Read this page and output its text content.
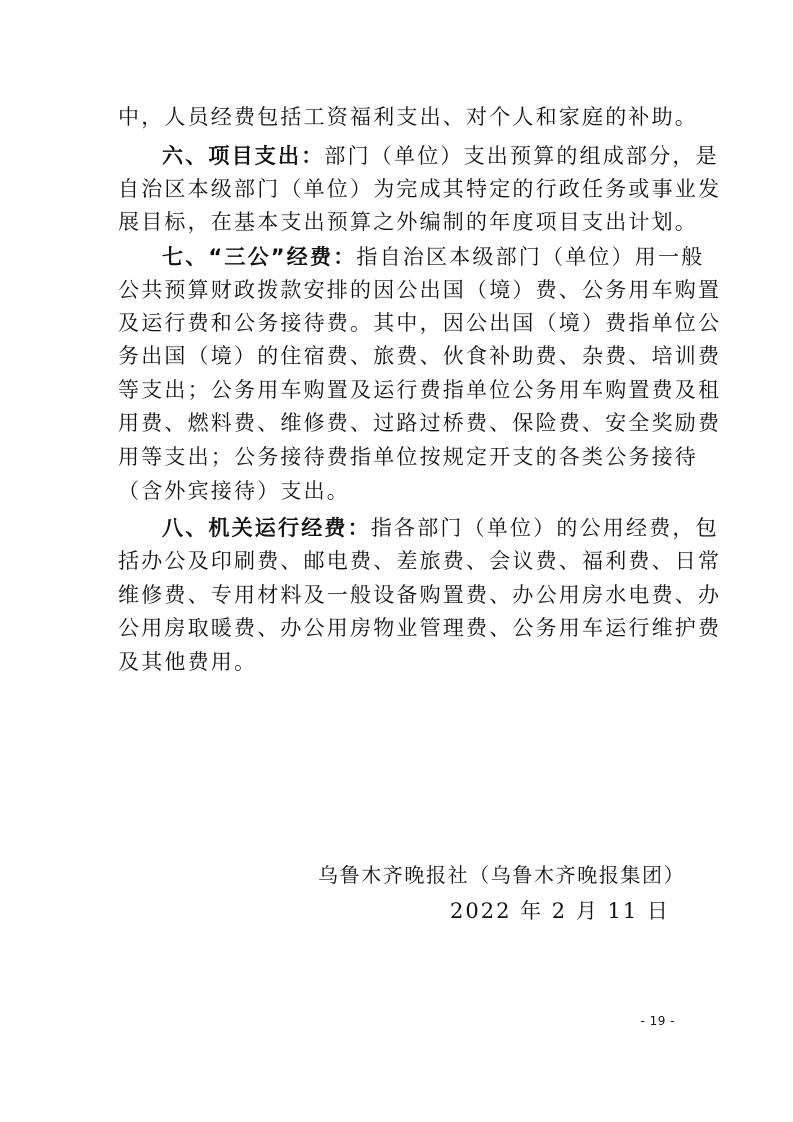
中，人员经费包括工资福利支出、对个人和家庭的补助。
六、项目支出：部门（单位）支出预算的组成部分，是
自治区本级部门（单位）为完成其特定的行政任务或事业发
展目标，在基本支出预算之外编制的年度项目支出计划。
七、“三公”经费：指自治区本级部门（单位）用一般
公共预算财政拨款安排的因公出国（境）费、公务用车购置
及运行费和公务接待费。其中，因公出国（境）费指单位公
务出国（境）的住宿费、旅费、伙食补助费、杂费、培训费
等支出；公务用车购置及运行费指单位公务用车购置费及租
用费、燃料费、维修费、过路过桥费、保险费、安全奖励费
用等支出；公务接待费指单位按规定开支的各类公务接待
（含外宾接待）支出。
八、机关运行经费：指各部门（单位）的公用经费，包
括办公及印刷费、邮电费、差旅费、会议费、福利费、日常
维修费、专用材料及一般设备购置费、办公用房水电费、办
公用房取暖费、办公用房物业管理费、公务用车运行维护费
及其他费用。
乌鲁木齐晚报社（乌鲁木齐晚报集团）
2022 年 2 月 11 日
- 19 -
